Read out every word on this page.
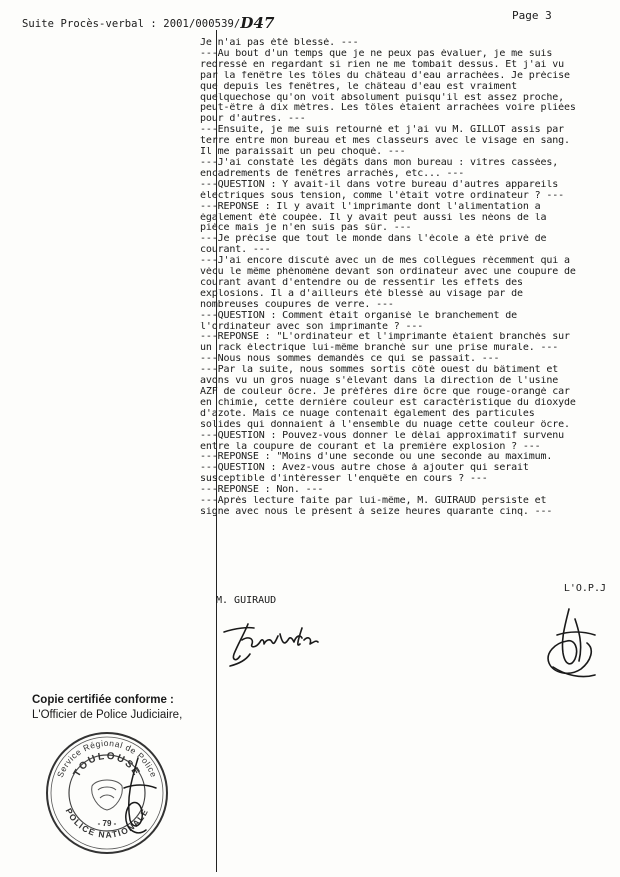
Suite Procès-verbal : 2001/000539/D47	Page 3
Je n'ai pas été blessé. ---
---Au bout d'un temps que je ne peux pas évaluer, je me suis
redressé en regardant si rien ne me tombait dessus. Et j'ai vu
par la fenêtre les tôles du château d'eau arrachées. Je précise
que depuis les fenêtres, le château d'eau est vraiment
quelquechose qu'on voit absolument puisqu'il est assez proche,
peut-être à dix mètres. Les tôles étaient arrachées voire pliées
pour d'autres. ---
---Ensuite, je me suis retourné et j'ai vu M. GILLOT assis par
terre entre mon bureau et mes classeurs avec le visage en sang.
Il me paraissait un peu choqué. ---
---J'ai constaté les dégâts dans mon bureau : vitres cassées,
encadrements de fenêtres arrachés, etc... ---
---QUESTION : Y avait-il dans votre bureau d'autres appareils
électriques sous tension, comme l'était votre ordinateur ? ---
---REPONSE : Il y avait l'imprimante dont l'alimentation a
également été coupée. Il y avait peut aussi les néons de la
pièce mais je n'en suis pas sûr. ---
---Je précise que tout le monde dans l'école a été privé de
courant. ---
---J'ai encore discuté avec un de mes collègues récemment qui a
vécu le même phénomène devant son ordinateur avec une coupure de
courant avant d'entendre ou de ressentir les effets des
explosions. Il a d'ailleurs été blessé au visage par de
nombreuses coupures de verre. ---
---QUESTION : Comment était organisé le branchement de
l'ordinateur avec son imprimante ? ---
---REPONSE : "L'ordinateur et l'imprimante étaient branchés sur
un rack électrique lui-même branché sur une prise murale. ---
---Nous nous sommes demandés ce qui se passait. ---
---Par la suite, nous sommes sortis côté ouest du bâtiment et
avons vu un gros nuage s'élevant dans la direction de l'usine
AZF de couleur ôcre. Je préfères dire ôcre que rouge-orangé car
en chimie, cette dernière couleur est caractéristique du dioxyde
d'azote. Mais ce nuage contenait également des particules
solides qui donnaient à l'ensemble du nuage cette couleur ôcre.
---QUESTION : Pouvez-vous donner le délai approximatif survenu
entre la coupure de courant et la première explosion ? ---
---REPONSE : "Moins d'une seconde ou une seconde au maximum.
---QUESTION : Avez-vous autre chose à ajouter qui serait
susceptible d'intéresser l'enquête en cours ? ---
---REPONSE : Non. ---
---Après lecture faite par lui-même, M. GUIRAUD persiste et
signe avec nous le présent à seize heures quarante cinq. ---
L'O.P.J
M. GUIRAUD
Copie certifiée conforme :
L'Officier de Police Judiciaire,
Service Régional de Police
TOULOUSE
POLICE NATIONALE
- 79 -
